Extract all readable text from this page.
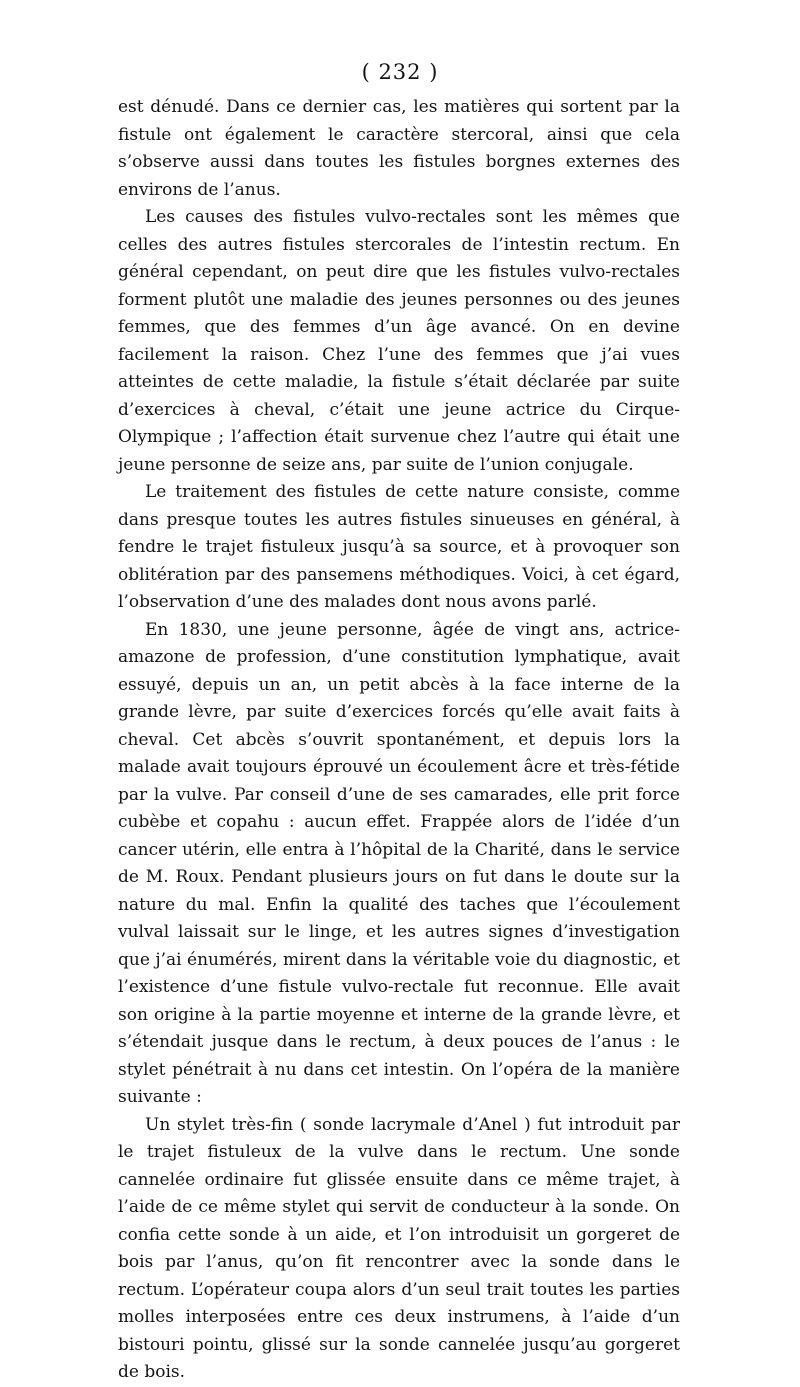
( 232 )

est dénudé. Dans ce dernier cas, les matières qui sortent par la fistule ont également le caractère stercoral, ainsi que cela s’observe aussi dans toutes les fistules borgnes externes des environs de l’anus.

Les causes des fistules vulvo-rectales sont les mêmes que celles des autres fistules stercorales de l’intestin rectum. En général cependant, on peut dire que les fistules vulvo-rectales forment plutôt une maladie des jeunes personnes ou des jeunes femmes, que des femmes d’un âge avancé. On en devine facilement la raison. Chez l’une des femmes que j’ai vues atteintes de cette maladie, la fistule s’était déclarée par suite d’exercices à cheval, c’était une jeune actrice du Cirque-Olympique ; l’affection était survenue chez l’autre qui était une jeune personne de seize ans, par suite de l’union conjugale.

Le traitement des fistules de cette nature consiste, comme dans presque toutes les autres fistules sinueuses en général, à fendre le trajet fistuleux jusqu’à sa source, et à provoquer son oblitération par des pansemens méthodiques. Voici, à cet égard, l’observation d’une des malades dont nous avons parlé.

En 1830, une jeune personne, âgée de vingt ans, actrice-amazone de profession, d’une constitution lymphatique, avait essuyé, depuis un an, un petit abcès à la face interne de la grande lèvre, par suite d’exercices forcés qu’elle avait faits à cheval. Cet abcès s’ouvrit spontanément, et depuis lors la malade avait toujours éprouvé un écoulement âcre et très-fétide par la vulve. Par conseil d’une de ses camarades, elle prit force cubèbe et copahu : aucun effet. Frappée alors de l’idée d’un cancer utérin, elle entra à l’hôpital de la Charité, dans le service de M. Roux. Pendant plusieurs jours on fut dans le doute sur la nature du mal. Enfin la qualité des taches que l’écoulement vulval laissait sur le linge, et les autres signes d’investigation que j’ai énumérés, mirent dans la véritable voie du diagnostic, et l’existence d’une fistule vulvo-rectale fut reconnue. Elle avait son origine à la partie moyenne et interne de la grande lèvre, et s’étendait jusque dans le rectum, à deux pouces de l’anus : le stylet pénétrait à nu dans cet intestin. On l’opéra de la manière suivante :

Un stylet très-fin ( sonde lacrymale d’Anel ) fut introduit par le trajet fistuleux de la vulve dans le rectum. Une sonde cannelée ordinaire fut glissée ensuite dans ce même trajet, à l’aide de ce même stylet qui servit de conducteur à la sonde. On confia cette sonde à un aide, et l’on introduisit un gorgeret de bois par l’anus, qu’on fit rencontrer avec la sonde dans le rectum. L’opérateur coupa alors d’un seul trait toutes les parties molles interposées entre ces deux instrumens, à l’aide d’un bistouri pointu, glissé sur la sonde cannelée jusqu’au gorgeret de bois.
